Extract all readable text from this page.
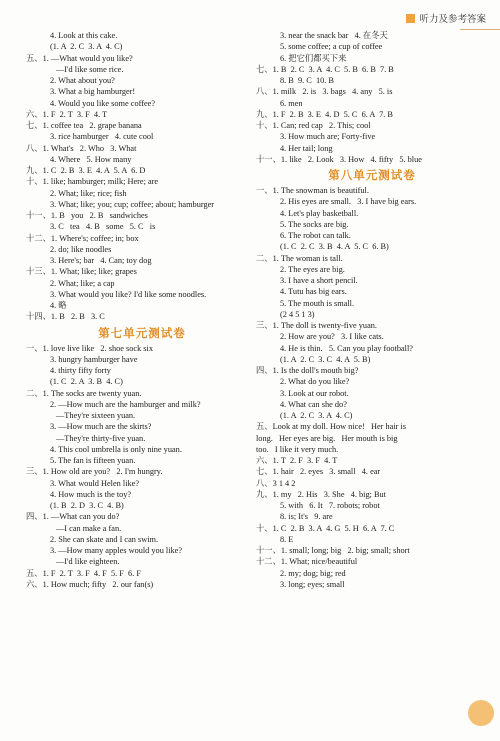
听力及参考答案
4. Look at this cake.
(1. A  2. C  3. A  4. C)
五、1. —What would you like?
—I'd like some rice.
2. What about you?
3. What a big hamburger!
4. Would you like some coffee?
六、1. F  2. T  3. F  4. T
七、1. coffee tea   2. grape banana
3. rice hamburger   4. cute cool
八、1. What's   2. Who   3. What
4. Where   5. How many
九、1. C  2. B  3. E  4. A  5. A  6. D
十、1. like; hamburger; milk; Here; are
2. What; like; rice; fish
3. What; like; you; cup; coffee; about; hamburger
十一、1. B   you   2. B   sandwiches
3. C   tea   4. B   some   5. C   is
十二、1. Where's; coffee; in; box
2. do; like noodles
3. Here's; bar   4. Can; toy dog
十三、1. What; like; like; grapes
2. What; like; a cap
3. What would you like? I'd like some noodles.
4. 略
十四、1. B   2. B   3. C
第七单元测试卷
一、1. love live like   2. shoe sock six
3. hungry hamburger have
4. thirty fifty forty
(1. C  2. A  3. B  4. C)
二、1. The socks are twenty yuan.
2. —How much are the hamburger and milk?
—They're sixteen yuan.
3. —How much are the skirts?
—They're thirty-five yuan.
4. This cool umbrella is only nine yuan.
5. The fan is fifteen yuan.
三、1. How old are you?   2. I'm hungry.
3. What would Helen like?
4. How much is the toy?
(1. B  2. D  3. C  4. B)
四、1. —What can you do?
—I can make a fan.
2. She can skate and I can swim.
3. —How many apples would you like?
—I'd like eighteen.
五、1. F  2. T  3. F  4. F  5. F  6. F
六、1. How much; fifty   2. our fan(s)
3. near the snack bar   4. 在冬天
5. some coffee; a cup of coffee
6. 把它们都买下来
七、1. B  2. C  3. A  4. C  5. B  6. B  7. B
8. B  9. C  10. B
八、1. milk   2. is   3. bags   4. any   5. is
6. men
九、1. F  2. B  3. E  4. D  5. C  6. A  7. B
十、1. Can; red cap   2. This; cool
3. How much are; Forty-five
4. Her tail; long
十一、1. like   2. Look   3. How   4. fifty   5. blue
第八单元测试卷
一、1. The snowman is beautiful.
2. His eyes are small.   3. I have big ears.
4. Let's play basketball.
5. The socks are big.
6. The robot can talk.
(1. C  2. C  3. B  4. A  5. C  6. B)
二、1. The woman is tall.
2. The eyes are big.
3. I have a short pencil.
4. Tutu has big ears.
5. The mouth is small.
(2 4 5 1 3)
三、1. The doll is twenty-five yuan.
2. How are you?   3. I like cats.
4. He is thin.   5. Can you play football?
(1. A  2. C  3. C  4. A  5. B)
四、1. Is the doll's mouth big?
2. What do you like?
3. Look at our robot.
4. What can she do?
(1. A  2. C  3. A  4. C)
五、Look at my doll. How nice!   Her hair is
long.   Her eyes are big.   Her mouth is big
too.   I like it very much.
六、1. T  2. F  3. F  4. T
七、1. hair   2. eyes   3. small   4. ear
八、3 1 4 2
九、1. my   2. His   3. She   4. big; But
5. with   6. It   7. robots; robot
8. is; It's   9. are
十、1. C  2. B  3. A  4. G  5. H  6. A  7. C
8. E
十一、1. small; long; big   2. big; small; short
十二、1. What; nice/beautiful
2. my; dog; big; red
3. long; eyes; small
